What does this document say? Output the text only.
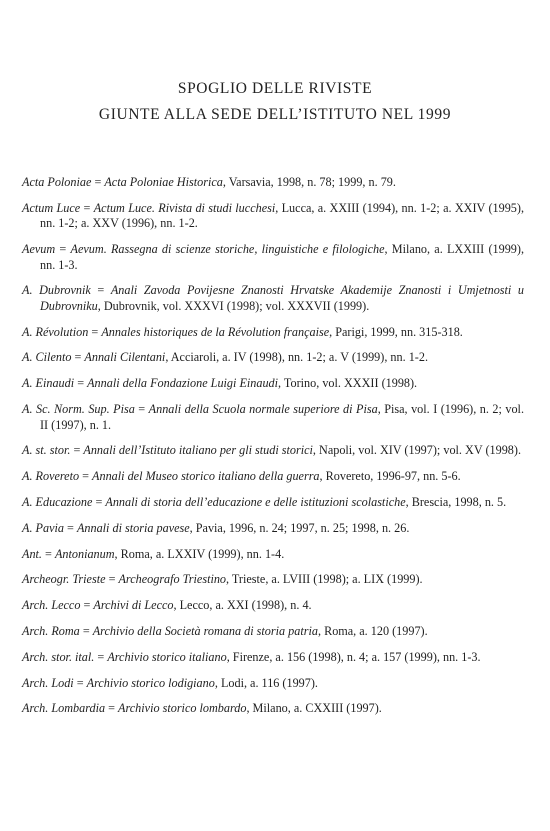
SPOGLIO DELLE RIVISTE
GIUNTE ALLA SEDE DELL’ISTITUTO NEL 1999

Acta Poloniae = Acta Poloniae Historica, Varsavia, 1998, n. 78; 1999, n. 79.

Actum Luce = Actum Luce. Rivista di studi lucchesi, Lucca, a. XXIII (1994), nn. 1-2; a. XXIV (1995), nn. 1-2; a. XXV (1996), nn. 1-2.

Aevum = Aevum. Rassegna di scienze storiche, linguistiche e filologiche, Milano, a. LXXIII (1999), nn. 1-3.

A. Dubrovnik = Anali Zavoda Povijesne Znanosti Hrvatske Akademije Znanosti i Umjetnosti u Dubrovniku, Dubrovnik, vol. XXXVI (1998); vol. XXXVII (1999).

A. Révolution = Annales historiques de la Révolution française, Parigi, 1999, nn. 315-318.

A. Cilento = Annali Cilentani, Acciaroli, a. IV (1998), nn. 1-2; a. V (1999), nn. 1-2.

A. Einaudi = Annali della Fondazione Luigi Einaudi, Torino, vol. XXXII (1998).

A. Sc. Norm. Sup. Pisa = Annali della Scuola normale superiore di Pisa, Pisa, vol. I (1996), n. 2; vol. II (1997), n. 1.

A. st. stor. = Annali dell’Istituto italiano per gli studi storici, Napoli, vol. XIV (1997); vol. XV (1998).

A. Rovereto = Annali del Museo storico italiano della guerra, Rovereto, 1996-97, nn. 5-6.

A. Educazione = Annali di storia dell’educazione e delle istituzioni scolastiche, Brescia, 1998, n. 5.

A. Pavia = Annali di storia pavese, Pavia, 1996, n. 24; 1997, n. 25; 1998, n. 26.

Ant. = Antonianum, Roma, a. LXXIV (1999), nn. 1-4.

Archeogr. Trieste = Archeografo Triestino, Trieste, a. LVIII (1998); a. LIX (1999).

Arch. Lecco = Archivi di Lecco, Lecco, a. XXI (1998), n. 4.

Arch. Roma = Archivio della Società romana di storia patria, Roma, a. 120 (1997).

Arch. stor. ital. = Archivio storico italiano, Firenze, a. 156 (1998), n. 4; a. 157 (1999), nn. 1-3.

Arch. Lodi = Archivio storico lodigiano, Lodi, a. 116 (1997).

Arch. Lombardia = Archivio storico lombardo, Milano, a. CXXIII (1997).
